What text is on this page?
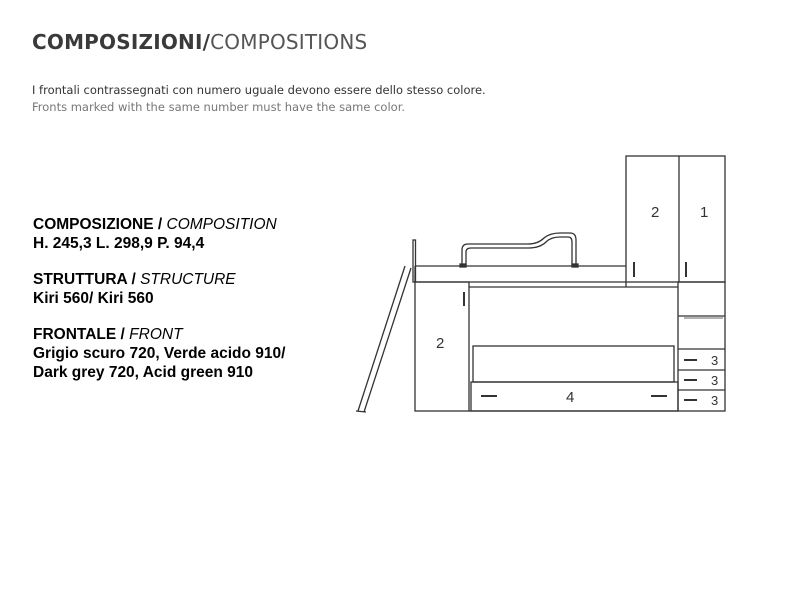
COMPOSIZIONI/COMPOSITIONS
I frontali contrassegnati con numero uguale devono essere dello stesso colore.
Fronts marked with the same number must have the same color.
COMPOSIZIONE / COMPOSITION
H. 245,3 L. 298,9 P. 94,4
STRUTTURA / STRUCTURE
Kiri 560/ Kiri 560
FRONTALE / FRONT
Grigio scuro 720, Verde acido 910/
Dark grey 720, Acid green 910
2	1
2
4
3
3
3
